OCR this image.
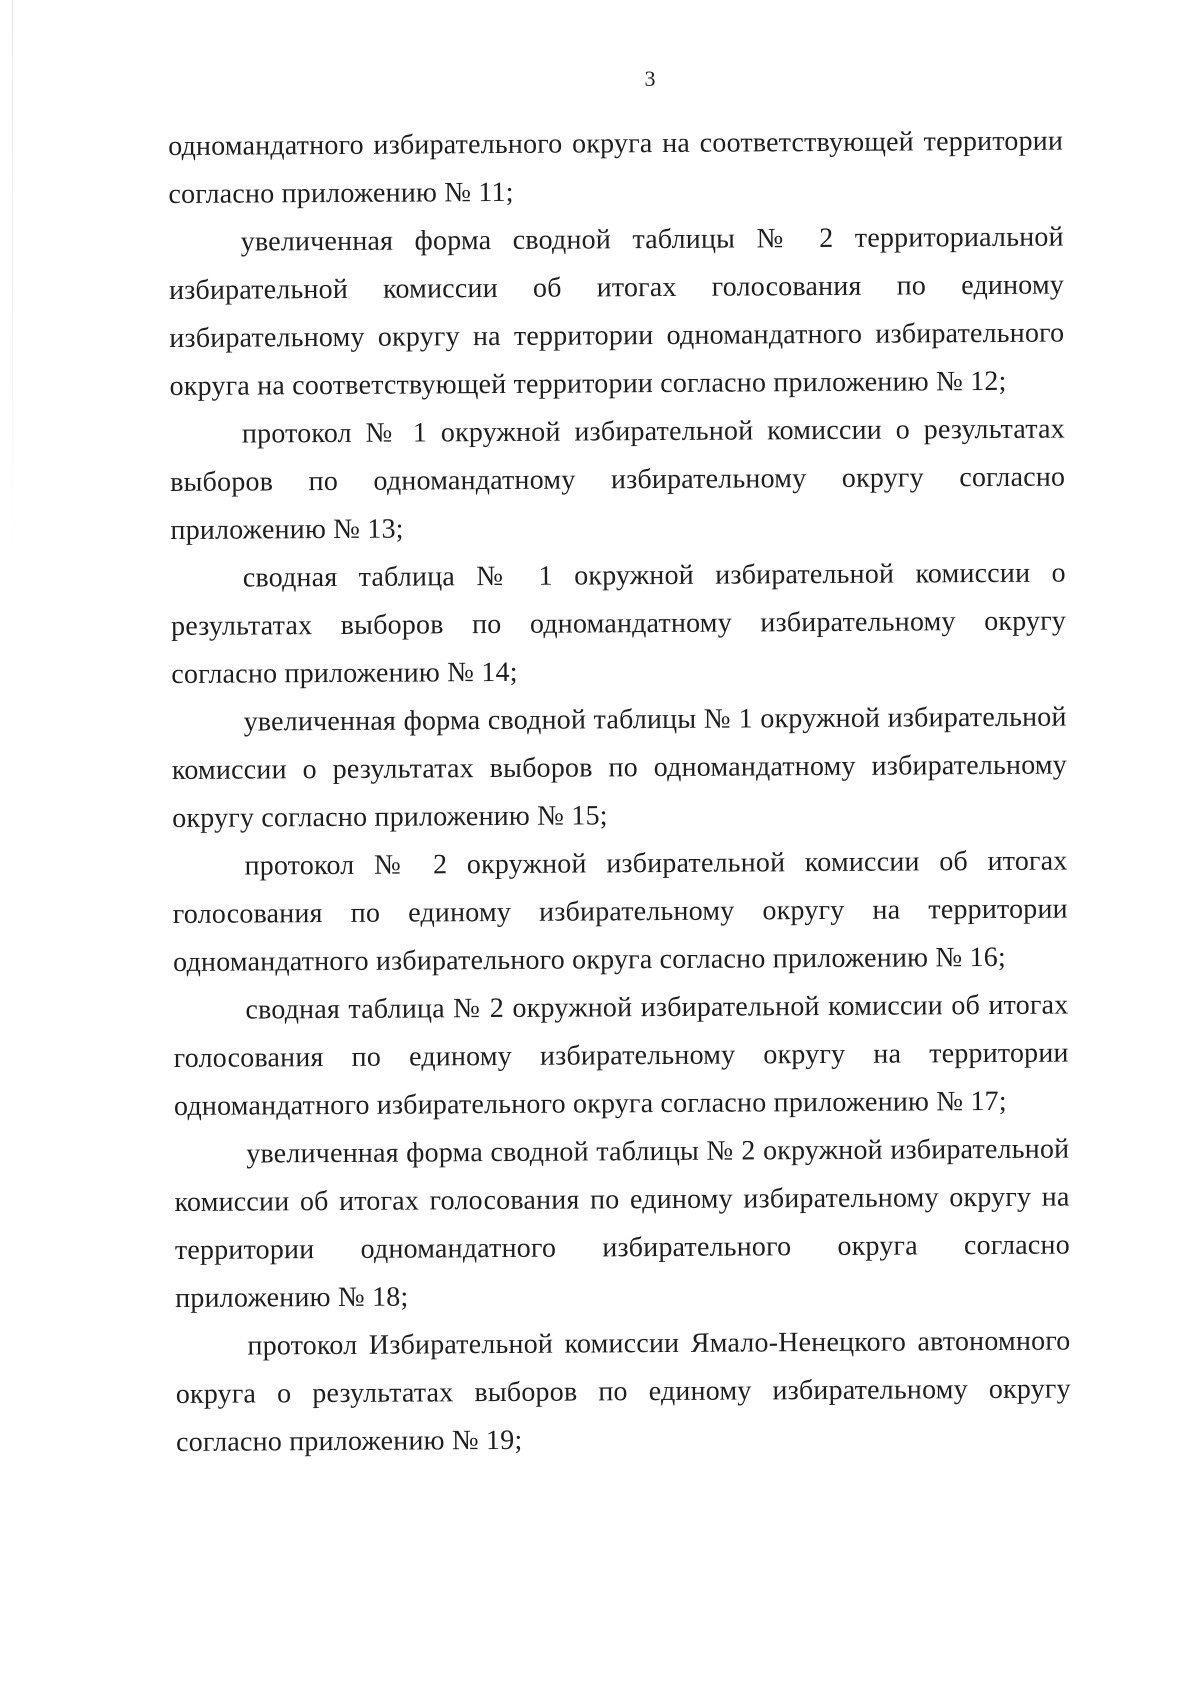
3

одномандатного избирательного округа на соответствующей территории согласно приложению № 11;

увеличенная форма сводной таблицы № 2 территориальной избирательной комиссии об итогах голосования по единому избирательному округу на территории одномандатного избирательного округа на соответствующей территории согласно приложению № 12;

протокол № 1 окружной избирательной комиссии о результатах выборов по одномандатному избирательному округу согласно приложению № 13;

сводная таблица № 1 окружной избирательной комиссии о результатах выборов по одномандатному избирательному округу согласно приложению № 14;

увеличенная форма сводной таблицы № 1 окружной избирательной комиссии о результатах выборов по одномандатному избирательному округу согласно приложению № 15;

протокол № 2 окружной избирательной комиссии об итогах голосования по единому избирательному округу на территории одномандатного избирательного округа согласно приложению № 16;

сводная таблица № 2 окружной избирательной комиссии об итогах голосования по единому избирательному округу на территории одномандатного избирательного округа согласно приложению № 17;

увеличенная форма сводной таблицы № 2 окружной избирательной комиссии об итогах голосования по единому избирательному округу на территории одномандатного избирательного округа согласно приложению № 18;

протокол Избирательной комиссии Ямало-Ненецкого автономного округа о результатах выборов по единому избирательному округу согласно приложению № 19;
